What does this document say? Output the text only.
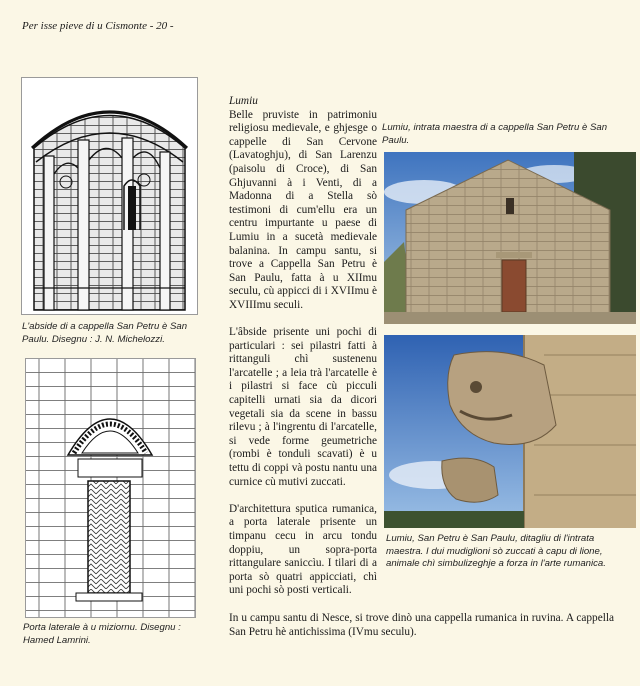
Per isse pieve di u Cismonte - 20 -
L'abside di a cappella San Petru è San Paulu. Disegnu : J. N. Michelozzi.
Porta laterale à u miziornu. Disegnu : Hamed Lamrini.
Lumiu

Belle pruviste in patrimoniu religiosu medievale, e ghjesge o cappelle di San Cervone (Lavatoghju), di San Larenzu (paisolu di Croce), di San Ghjuvanni à i Venti, di a Madonna di a Stella sò testimoni di cum'ellu era un centru impurtante u paese di Lumiu in a sucetà medievale balanina. In campu santu, si trove a Cappella San Petru è San Paulu, fatta à u XIImu seculu, cù appicci di i XVIImu è XVIIImu seculi.

L'âbside prisente uni pochi di particulari : sei pilastri fatti à rittanguli chì sustenenu l'arcatelle ; a leia trà l'arcatelle è i pilastri si face cù picculi capitelli urnati sia da dicori vegetali sia da scene in bassu rilevu ; à l'ingrentu di l'arcatelle, si vede forme geumetriche (rombi è tonduli scavati) è u tettu di coppi và postu nantu una curnice cù mutivi zuccati.

D'architettura sputica rumanica, a porta laterale prisente un timpanu cecu in arcu tondu doppiu, un sopra-porta rittangulare saniccìu. I tilari di a porta sò quatri appicciati, chì uni pochi sò posti verticali.

In u campu santu di Nesce, si trove dinò una cappella rumanica in ruvina. A cappella San Petru hè antichissima (IVmu seculu).

Lumiu, intrata maestra di a cappella San Petru è San Paulu.
Lumiu, San Petru è San Paulu, ditagliu di l'intrata maestra. I dui mudiglioni sò zuccati à capu di lione, animale chì simbulizeghje a forza in l'arte rumanica.
